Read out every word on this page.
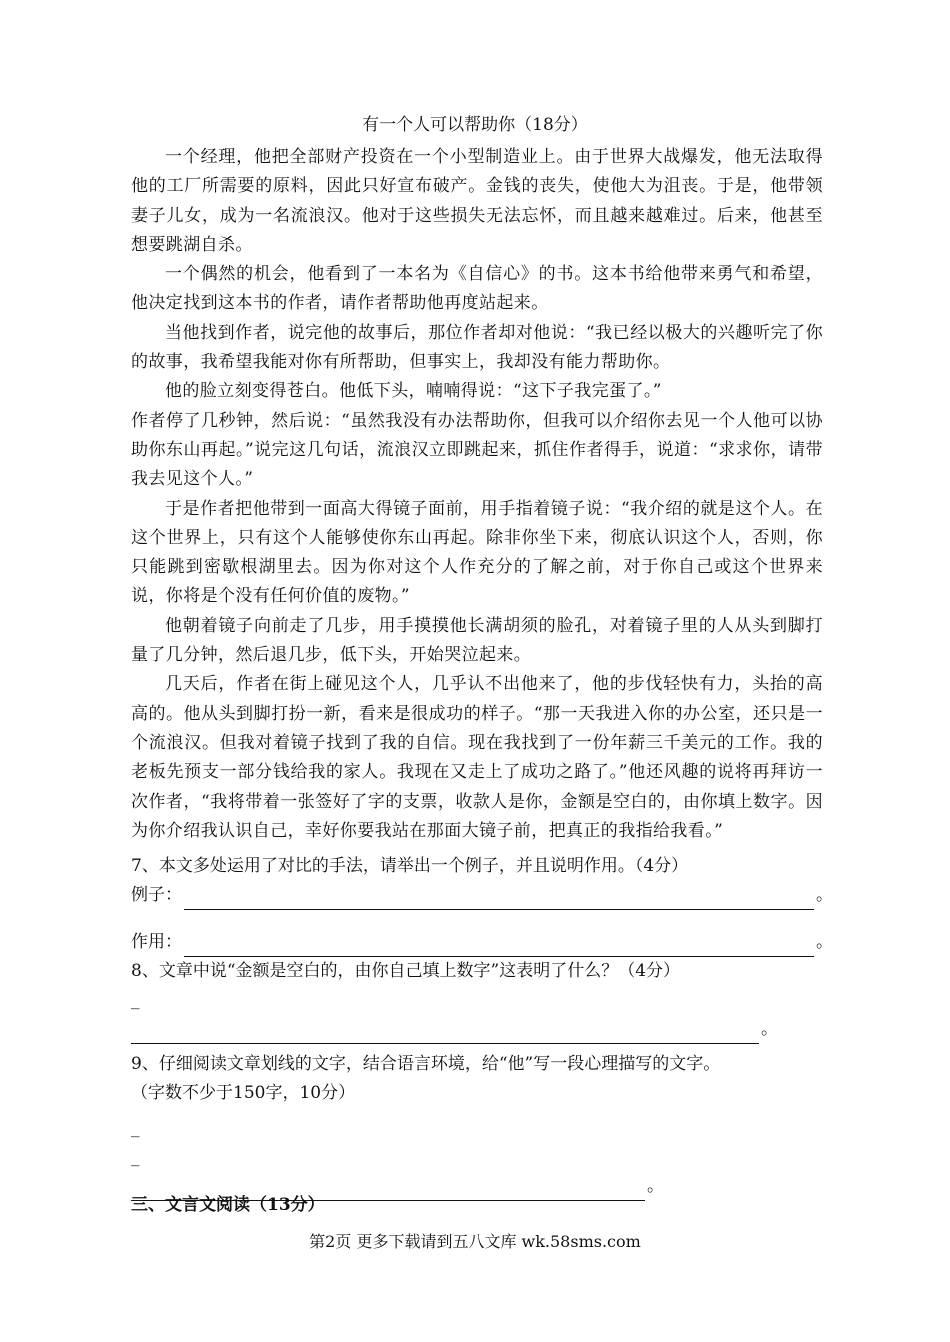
有一个人可以帮助你（18分）

一个经理，他把全部财产投资在一个小型制造业上。由于世界大战爆发，他无法取得他的工厂所需要的原料，因此只好宣布破产。金钱的丧失，使他大为沮丧。于是，他带领妻子儿女，成为一名流浪汉。他对于这些损失无法忘怀，而且越来越难过。后来，他甚至想要跳湖自杀。

一个偶然的机会，他看到了一本名为《自信心》的书。这本书给他带来勇气和希望，他决定找到这本书的作者，请作者帮助他再度站起来。

当他找到作者，说完他的故事后，那位作者却对他说：“我已经以极大的兴趣听完了你的故事，我希望我能对你有所帮助，但事实上，我却没有能力帮助你。

他的脸立刻变得苍白。他低下头，喃喃得说：“这下子我完蛋了。”

作者停了几秒钟，然后说：“虽然我没有办法帮助你，但我可以介绍你去见一个人他可以协助你东山再起。”说完这几句话，流浪汉立即跳起来，抓住作者得手，说道：“求求你，请带我去见这个人。”

于是作者把他带到一面高大得镜子面前，用手指着镜子说：“我介绍的就是这个人。在这个世界上，只有这个人能够使你东山再起。除非你坐下来，彻底认识这个人，否则，你只能跳到密歇根湖里去。因为你对这个人作充分的了解之前，对于你自己或这个世界来说，你将是个没有任何价值的废物。”

他朝着镜子向前走了几步，用手摸摸他长满胡须的脸孔，对着镜子里的人从头到脚打量了几分钟，然后退几步，低下头，开始哭泣起来。

几天后，作者在街上碰见这个人，几乎认不出他来了，他的步伐轻快有力，头抬的高高的。他从头到脚打扮一新，看来是很成功的样子。“那一天我进入你的办公室，还只是一个流浪汉。但我对着镜子找到了我的自信。现在我找到了一份年薪三千美元的工作。我的老板先预支一部分钱给我的家人。我现在又走上了成功之路了。”他还风趣的说将再拜访一次作者，“我将带着一张签好了字的支票，收款人是你，金额是空白的，由你填上数字。因为你介绍我认识自己，幸好你要我站在那面大镜子前，把真正的我指给我看。”

7、本文多处运用了对比的手法，请举出一个例子，并且说明作用。（4分）

例子：	。
作用：	。

8、文章中说“金额是空白的，由你自己填上数字”这表明了什么？（4分）

_
。

9、仔细阅读文章划线的文字，结合语言环境，给“他”写一段心理描写的文字。

（字数不少于150字，10分）

_
_
。
三、文言文阅读（13分）
第2页 更多下载请到五八文库 wk.58sms.com
